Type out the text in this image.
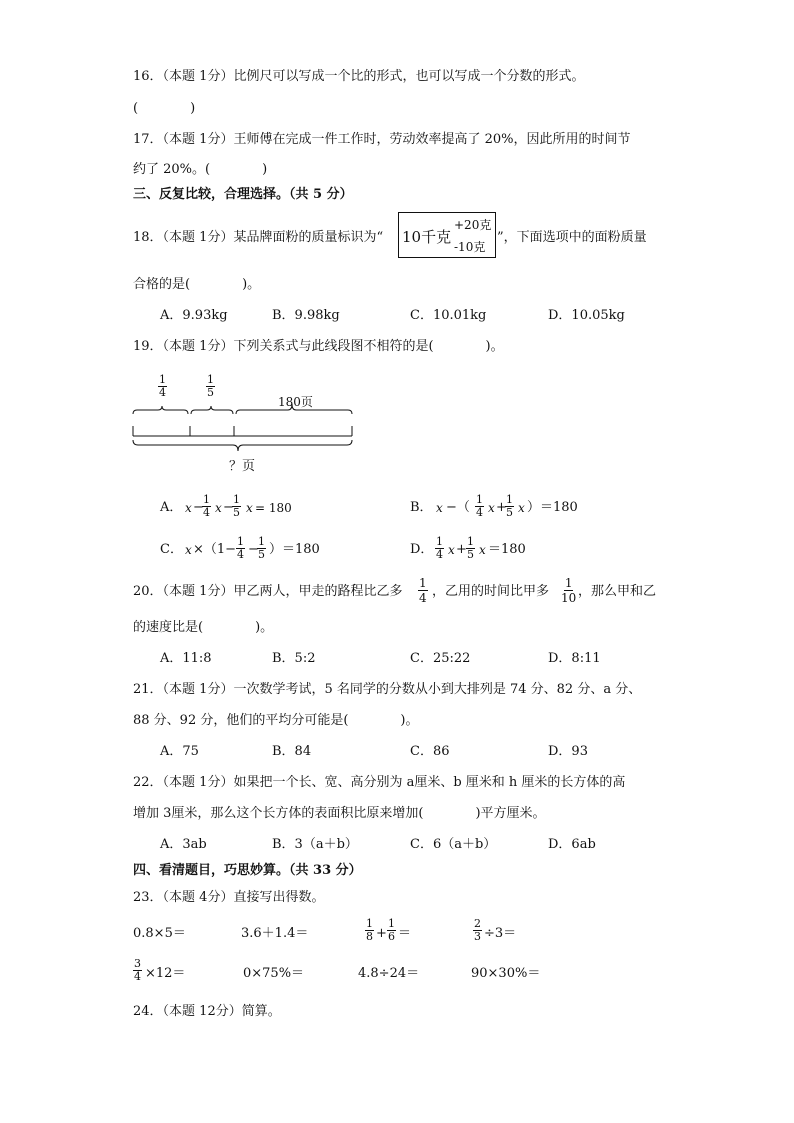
16．（本题 1分）比例尺可以写成一个比的形式，也可以写成一个分数的形式。
(　　　　)
17．（本题 1分）王师傅在完成一件工作时，劳动效率提高了 20%，因此所用的时间节
约了 20%。(　　　　)
三、反复比较，合理选择。（共 5 分）
18．（本题 1分）某品牌面粉的质量标识为“ 10千克
+20克
-10克
”，下面选项中的面粉质量
合格的是(　　　　)。
A．9.93kg	B．9.98kg	C．10.01kg	D．10.05kg
19．（本题 1分）下列关系式与此线段图不相符的是(　　　　)。
$\frac{1}{4}$	$\frac{1}{5}$
180页
？页
A． x −
$\frac{1}{4}$ x −
$\frac{1}{5}$ x = 180	B． x −（ $\frac{1}{4}$ x +
$\frac{1}{5}$ x ）＝180
C． $x \times(1- \frac{1}{4}$ −
$\frac{1}{5} )=180$	D． $\frac{1}{4}$ $x + \frac{1}{5}$ x ＝180
20．（本题 1分）甲乙两人，甲走的路程比乙多 $\frac{1}{4}$ ，乙用的时间比甲多 $\frac{1}{10}$ ，那么甲和乙
的速度比是(　　　　)。
A．11:8	B．5:2	C．25:22	D．8:11
21．（本题 1分）一次数学考试，5 名同学的分数从小到大排列是 74 分、82 分、a 分、
88 分、92 分，他们的平均分可能是(　　　　)。
A．75	B．84	C．86	D．93
22．（本题 1分）如果把一个长、宽、高分别为 a厘米、b 厘米和 h 厘米的长方体的高
增加 3厘米，那么这个长方体的表面积比原来增加(　　　　)平方厘米。
A．3ab	B．3（a＋b）	C．6（a＋b）	D．6ab
四、看清题目，巧思妙算。（共 33 分）
23．（本题 4分）直接写出得数。
0.8×5＝	3.6＋1.4＝	$\frac{1}{8} + \frac{1}{6}$ ＝	$\frac{2}{3} \div 3=$
$\frac{3}{4} \times 12=$	0×75%＝	4.8÷24＝	90×30%＝
24．（本题 12分）简算。
